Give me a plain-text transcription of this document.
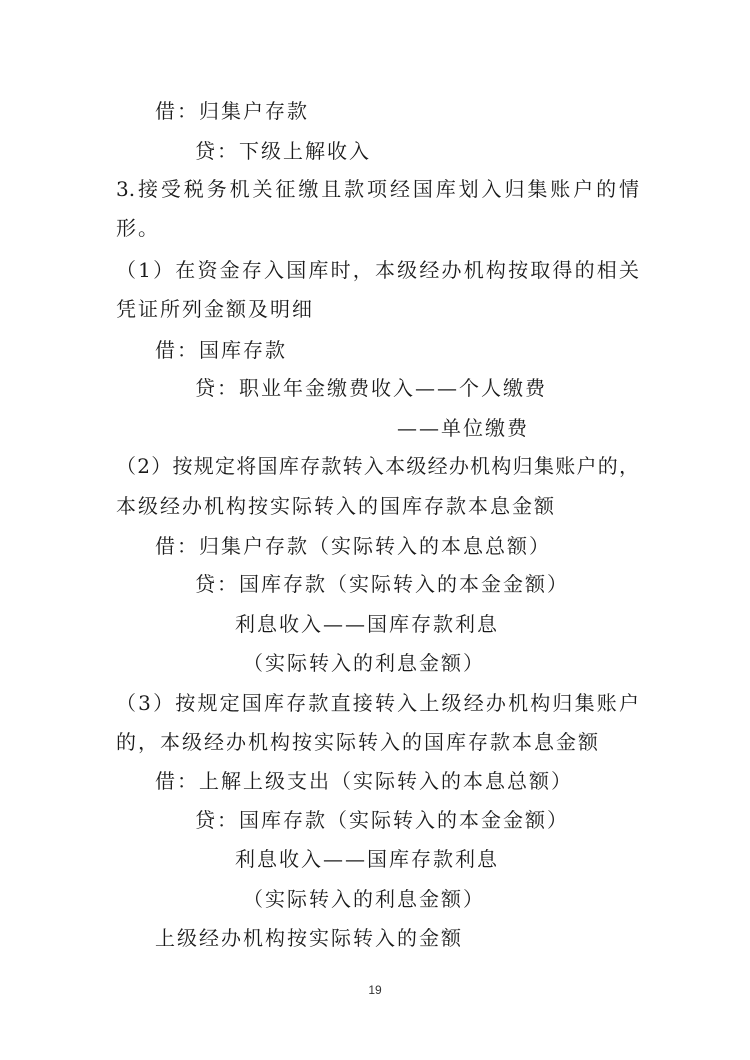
借：归集户存款
贷：下级上解收入
3.接受税务机关征缴且款项经国库划入归集账户的情
形。
（1）在资金存入国库时，本级经办机构按取得的相关
凭证所列金额及明细
借：国库存款
贷：职业年金缴费收入——个人缴费
——单位缴费
（2）按规定将国库存款转入本级经办机构归集账户的，
本级经办机构按实际转入的国库存款本息金额
借：归集户存款（实际转入的本息总额）
贷：国库存款（实际转入的本金金额）
利息收入——国库存款利息
（实际转入的利息金额）
（3）按规定国库存款直接转入上级经办机构归集账户
的，本级经办机构按实际转入的国库存款本息金额
借：上解上级支出（实际转入的本息总额）
贷：国库存款（实际转入的本金金额）
利息收入——国库存款利息
（实际转入的利息金额）
上级经办机构按实际转入的金额
19
